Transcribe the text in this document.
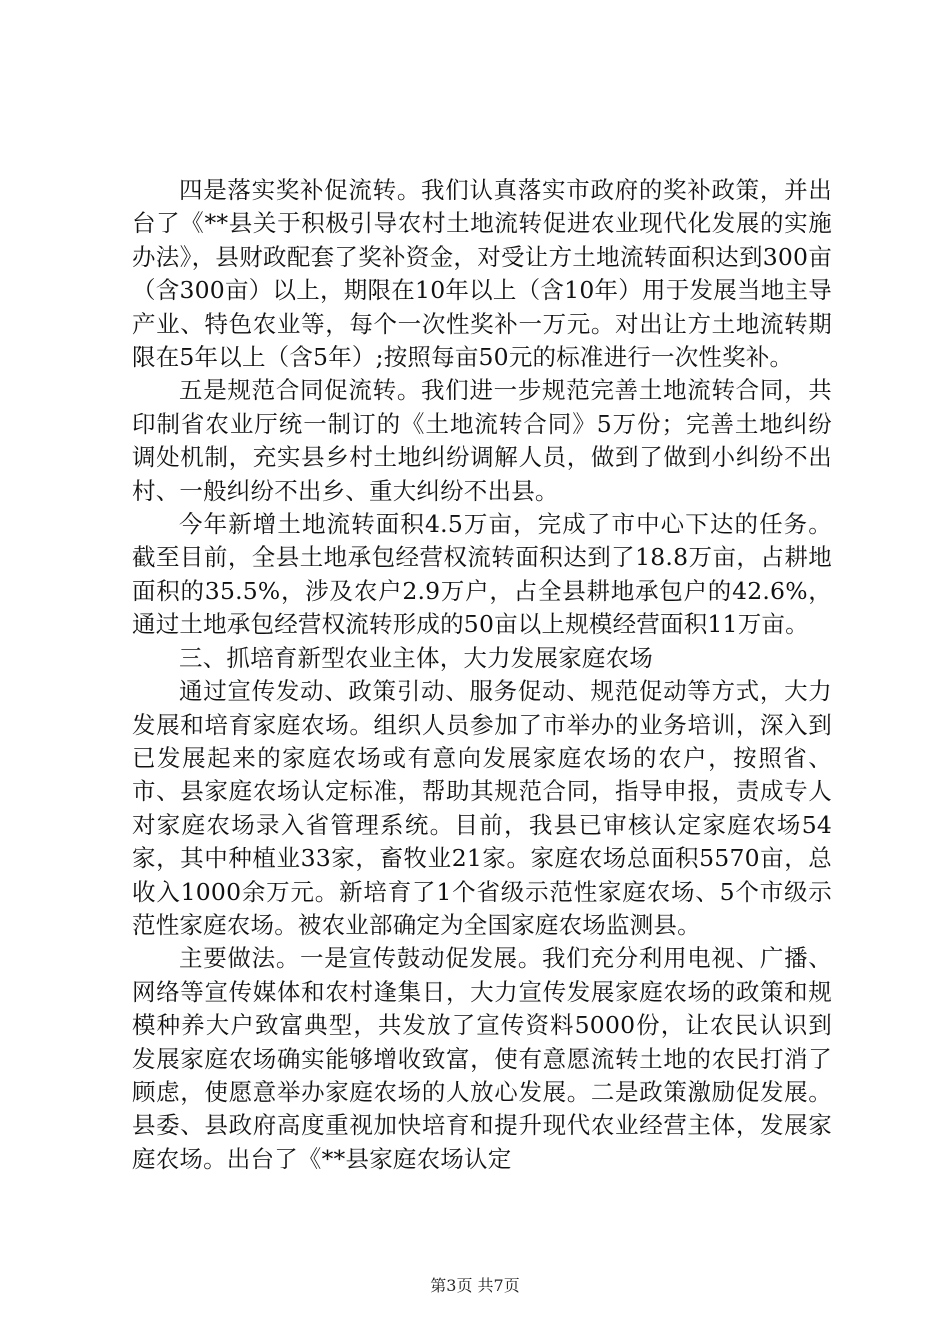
四是落实奖补促流转。我们认真落实市政府的奖补政策，并出台了《**县关于积极引导农村土地流转促进农业现代化发展的实施办法》，县财政配套了奖补资金，对受让方土地流转面积达到300亩（含300亩）以上，期限在10年以上（含10年）用于发展当地主导产业、特色农业等，每个一次性奖补一万元。对出让方土地流转期限在5年以上（含5年）;按照每亩50元的标准进行一次性奖补。

五是规范合同促流转。我们进一步规范完善土地流转合同，共印制省农业厅统一制订的《土地流转合同》5万份；完善土地纠纷调处机制，充实县乡村土地纠纷调解人员，做到了做到小纠纷不出村、一般纠纷不出乡、重大纠纷不出县。

今年新增土地流转面积4.5万亩，完成了市中心下达的任务。截至目前，全县土地承包经营权流转面积达到了18.8万亩，占耕地面积的35.5%，涉及农户2.9万户，占全县耕地承包户的42.6%，通过土地承包经营权流转形成的50亩以上规模经营面积11万亩。

三、抓培育新型农业主体，大力发展家庭农场

通过宣传发动、政策引动、服务促动、规范促动等方式，大力发展和培育家庭农场。组织人员参加了市举办的业务培训，深入到已发展起来的家庭农场或有意向发展家庭农场的农户，按照省、市、县家庭农场认定标准，帮助其规范合同，指导申报，责成专人对家庭农场录入省管理系统。目前，我县已审核认定家庭农场54家，其中种植业33家，畜牧业21家。家庭农场总面积5570亩，总收入1000余万元。新培育了1个省级示范性家庭农场、5个市级示范性家庭农场。被农业部确定为全国家庭农场监测县。

主要做法。一是宣传鼓动促发展。我们充分利用电视、广播、网络等宣传媒体和农村逢集日，大力宣传发展家庭农场的政策和规模种养大户致富典型，共发放了宣传资料5000份，让农民认识到发展家庭农场确实能够增收致富，使有意愿流转土地的农民打消了顾虑，使愿意举办家庭农场的人放心发展。二是政策激励促发展。县委、县政府高度重视加快培育和提升现代农业经营主体，发展家庭农场。出台了《**县家庭农场认定

第3页 共7页
